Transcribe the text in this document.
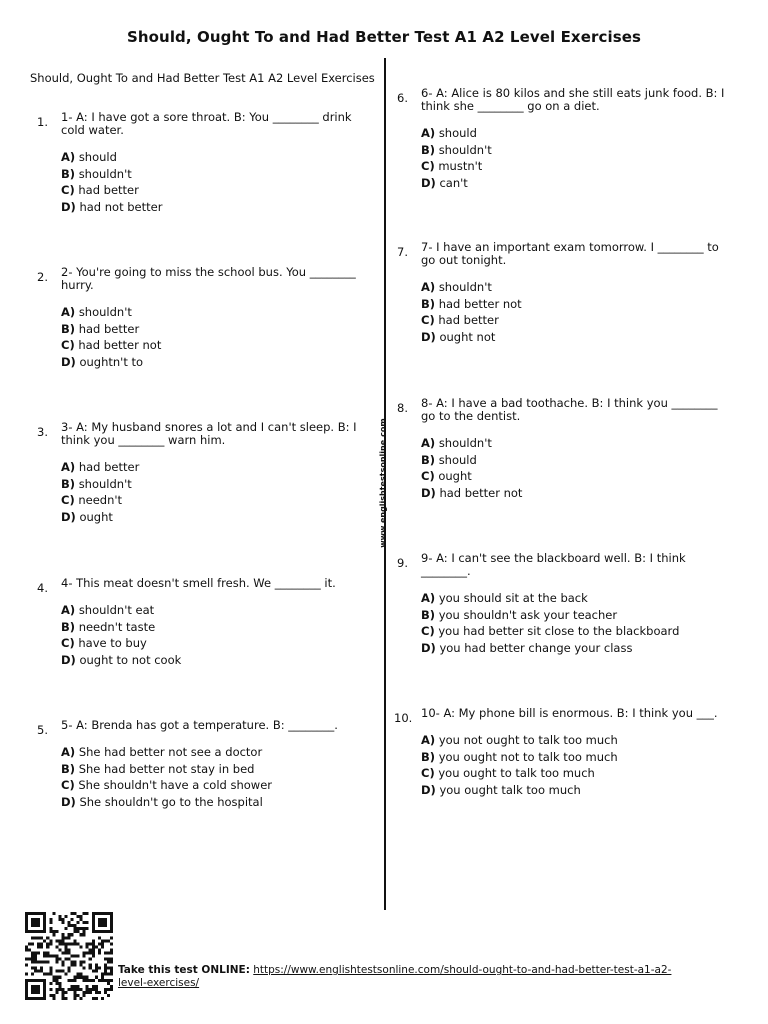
Should, Ought To and Had Better Test A1 A2 Level Exercises
Should, Ought To and Had Better Test A1 A2 Level Exercises
www.englishtestsonline.com
1. 1- A: I have got a sore throat. B: You ________ drink cold water.
A) should
B) shouldn't
C) had better
D) had not better
2. 2- You're going to miss the school bus. You ________ hurry.
A) shouldn't
B) had better
C) had better not
D) oughtn't to
3. 3- A: My husband snores a lot and I can't sleep. B: I think you ________ warn him.
A) had better
B) shouldn't
C) needn't
D) ought
4. 4- This meat doesn't smell fresh. We ________ it.
A) shouldn't eat
B) needn't taste
C) have to buy
D) ought to not cook
5. 5- A: Brenda has got a temperature. B: ________.
A) She had better not see a doctor
B) She had better not stay in bed
C) She shouldn't have a cold shower
D) She shouldn't go to the hospital
6. 6- A: Alice is 80 kilos and she still eats junk food. B: I think she ________ go on a diet.
A) should
B) shouldn't
C) mustn't
D) can't
7. 7- I have an important exam tomorrow. I ________ to go out tonight.
A) shouldn't
B) had better not
C) had better
D) ought not
8. 8- A: I have a bad toothache. B: I think you ________ go to the dentist.
A) shouldn't
B) should
C) ought
D) had better not
9. 9- A: I can't see the blackboard well. B: I think ________.
A) you should sit at the back
B) you shouldn't ask your teacher
C) you had better sit close to the blackboard
D) you had better change your class
10. 10- A: My phone bill is enormous. B: I think you ___.
A) you not ought to talk too much
B) you ought not to talk too much
C) you ought to talk too much
D) you ought talk too much
Take this test ONLINE: https://www.englishtestsonline.com/should-ought-to-and-had-better-test-a1-a2-level-exercises/
